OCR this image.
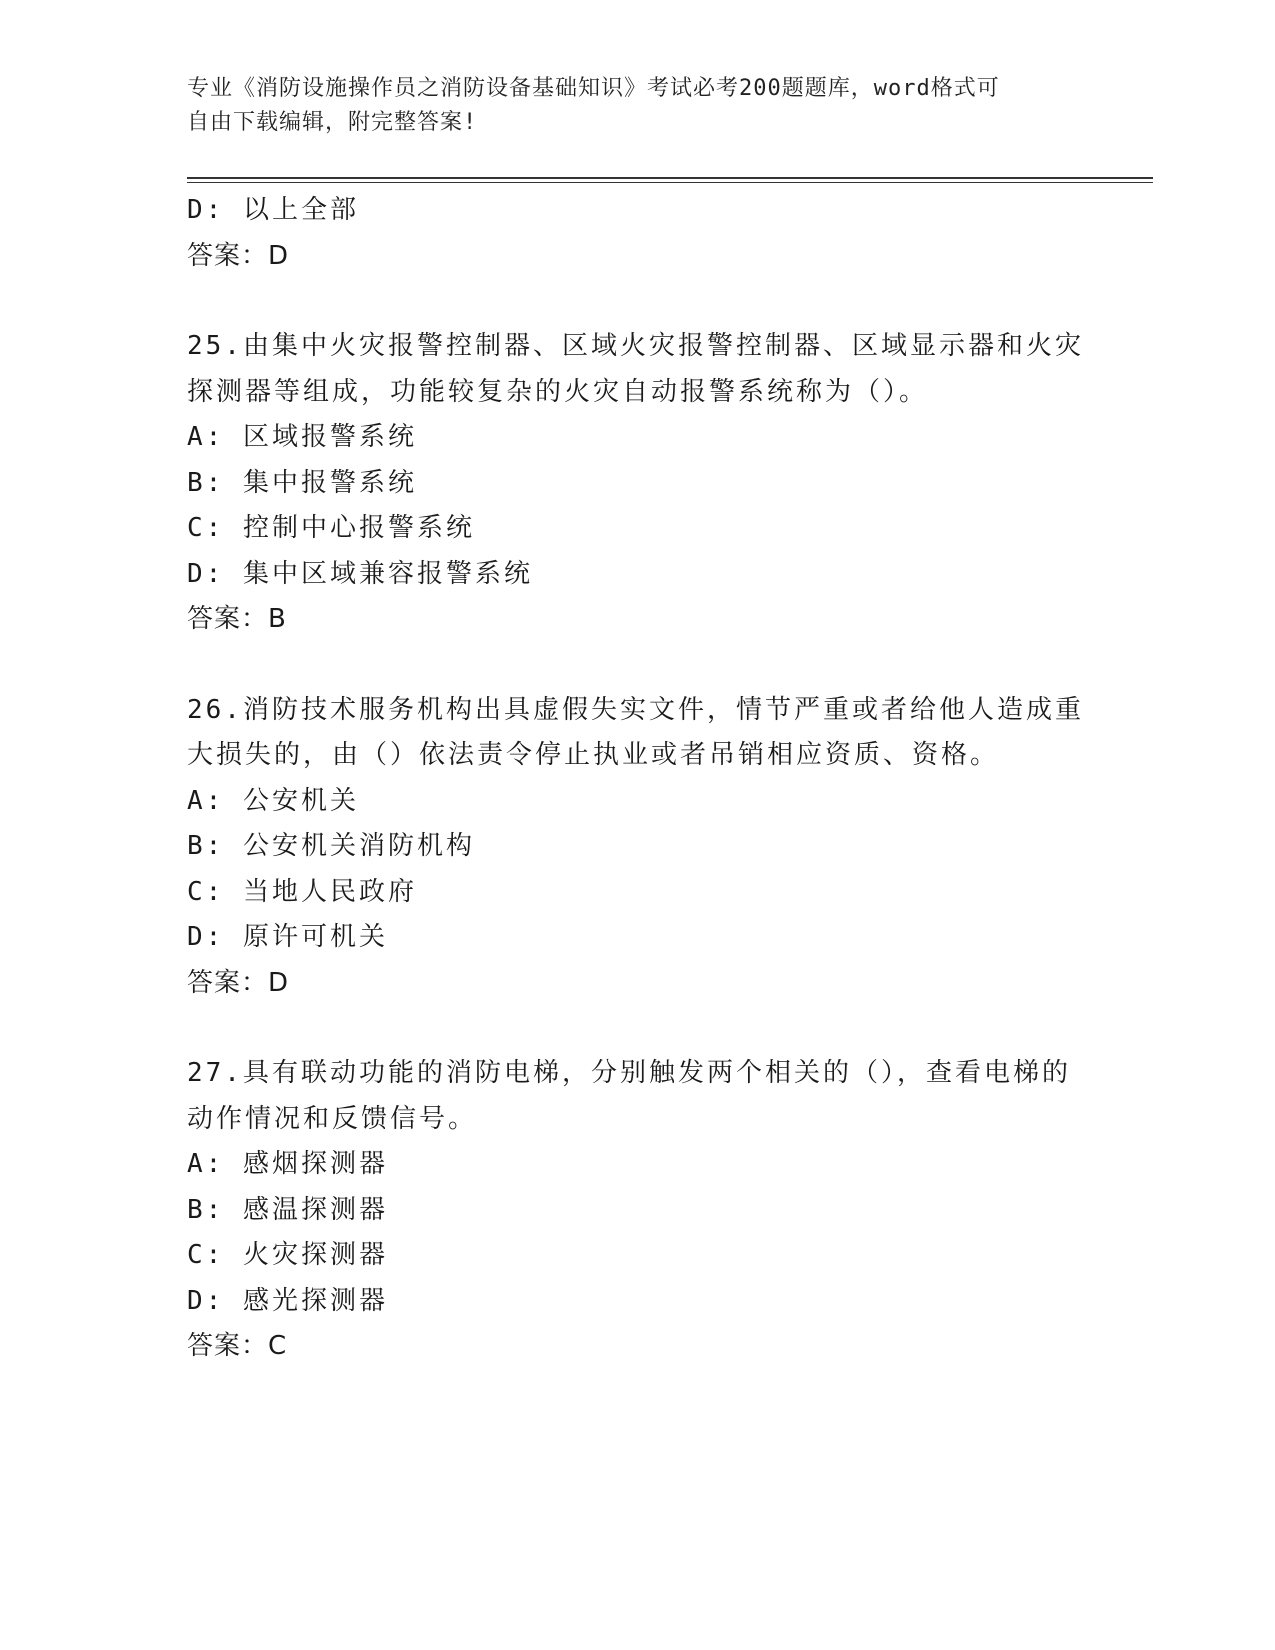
专业《消防设施操作员之消防设备基础知识》考试必考200题题库，word格式可
自由下载编辑，附完整答案!
D: 以上全部
答案：D
25.由集中火灾报警控制器、区域火灾报警控制器、区域显示器和火灾
探测器等组成，功能较复杂的火灾自动报警系统称为（）。
A: 区域报警系统
B: 集中报警系统
C: 控制中心报警系统
D: 集中区域兼容报警系统
答案：B
26.消防技术服务机构出具虚假失实文件，情节严重或者给他人造成重
大损失的，由（）依法责令停止执业或者吊销相应资质、资格。
A: 公安机关
B: 公安机关消防机构
C: 当地人民政府
D: 原许可机关
答案：D
27.具有联动功能的消防电梯，分别触发两个相关的（），查看电梯的
动作情况和反馈信号。
A: 感烟探测器
B: 感温探测器
C: 火灾探测器
D: 感光探测器
答案：C
